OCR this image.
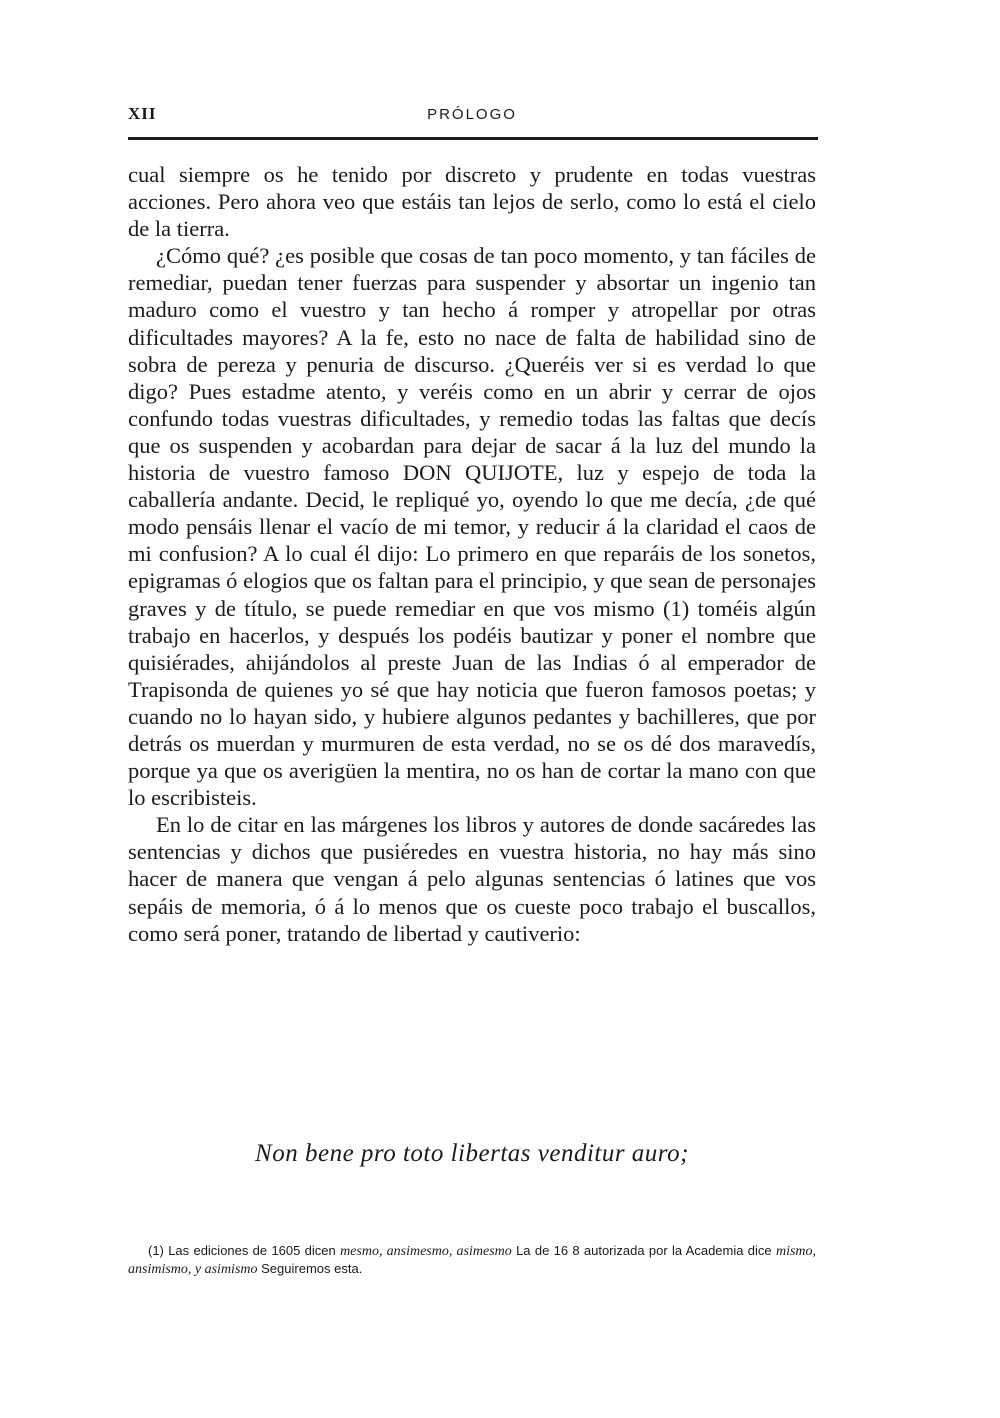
XII	PRÓLOGO

cual siempre os he tenido por discreto y prudente en todas vuestras acciones. Pero ahora veo que estáis tan lejos de serlo, como lo está el cielo de la tierra.

¿Cómo qué? ¿es posible que cosas de tan poco momento, y tan fáciles de remediar, puedan tener fuerzas para suspender y absortar un ingenio tan maduro como el vuestro y tan hecho á romper y atropellar por otras dificultades mayores? A la fe, esto no nace de falta de habilidad sino de sobra de pereza y penuria de discurso. ¿Queréis ver si es verdad lo que digo? Pues estadme atento, y veréis como en un abrir y cerrar de ojos confundo todas vuestras dificultades, y remedio todas las faltas que decís que os suspenden y acobardan para dejar de sacar á la luz del mundo la historia de vuestro famoso DON QUIJOTE, luz y espejo de toda la caballería andante. Decid, le repliqué yo, oyendo lo que me decía, ¿de qué modo pensáis llenar el vacío de mi temor, y reducir á la claridad el caos de mi confusion? A lo cual él dijo: Lo primero en que reparáis de los sonetos, epigramas ó elogios que os faltan para el principio, y que sean de personajes graves y de título, se puede remediar en que vos mismo (1) toméis algún trabajo en hacerlos, y después los podéis bautizar y poner el nombre que quisiérades, ahijándolos al preste Juan de las Indias ó al emperador de Trapisonda de quienes yo sé que hay noticia que fueron famosos poetas; y cuando no lo hayan sido, y hubiere algunos pedantes y bachilleres, que por detrás os muerdan y murmuren de esta verdad, no se os dé dos maravedís, porque ya que os averigüen la mentira, no os han de cortar la mano con que lo escribisteis.

En lo de citar en las márgenes los libros y autores de donde sacáredes las sentencias y dichos que pusiéredes en vuestra historia, no hay más sino hacer de manera que vengan á pelo algunas sentencias ó latines que vos sepáis de memoria, ó á lo menos que os cueste poco trabajo el buscallos, como será poner, tratando de libertad y cautiverio:

Non bene pro toto libertas venditur auro;
(1) Las ediciones de 1605 dicen mesmo, ansimesmo, asimesmo La de 16 8 autorizada por la Academia dice mismo, ansimismo, y asimismo Seguiremos esta.
